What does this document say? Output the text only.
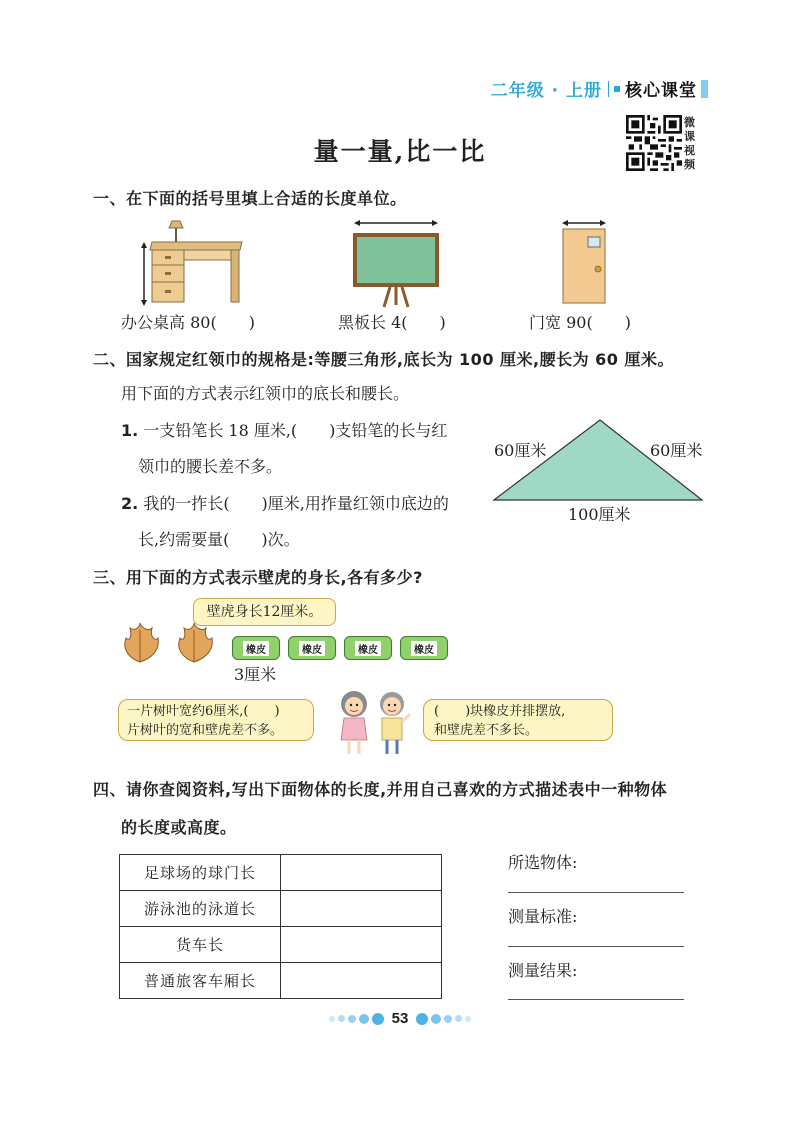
二年级 · 上册 核心课堂
量一量,比一比
微
课
视
频
一、在下面的括号里填上合适的长度单位。
办公桌高 80(　　)	黑板长 4(　　)	门宽 90(　　)
二、国家规定红领巾的规格是:等腰三角形,底长为 100 厘米,腰长为 60 厘米。
用下面的方式表示红领巾的底长和腰长。
1. 一支铅笔长 18 厘米,(　　)支铅笔的长与红
领巾的腰长差不多。
2. 我的一拃长(　　)厘米,用拃量红领巾底边的
长,约需要量(　　)次。
60厘米	60厘米
100厘米
三、用下面的方式表示壁虎的身长,各有多少?
壁虎身长12厘米。
橡皮	橡皮	橡皮	橡皮
3厘米
一片树叶宽约6厘米,(　　)
片树叶的宽和壁虎差不多。
(　　)块橡皮并排摆放,
和壁虎差不多长。
四、请你查阅资料,写出下面物体的长度,并用自己喜欢的方式描述表中一种物体
的长度或高度。
足球场的球门长	
游泳池的泳道长	
货车长	
普通旅客车厢长	
所选物体:
测量标准:
测量结果:
53
